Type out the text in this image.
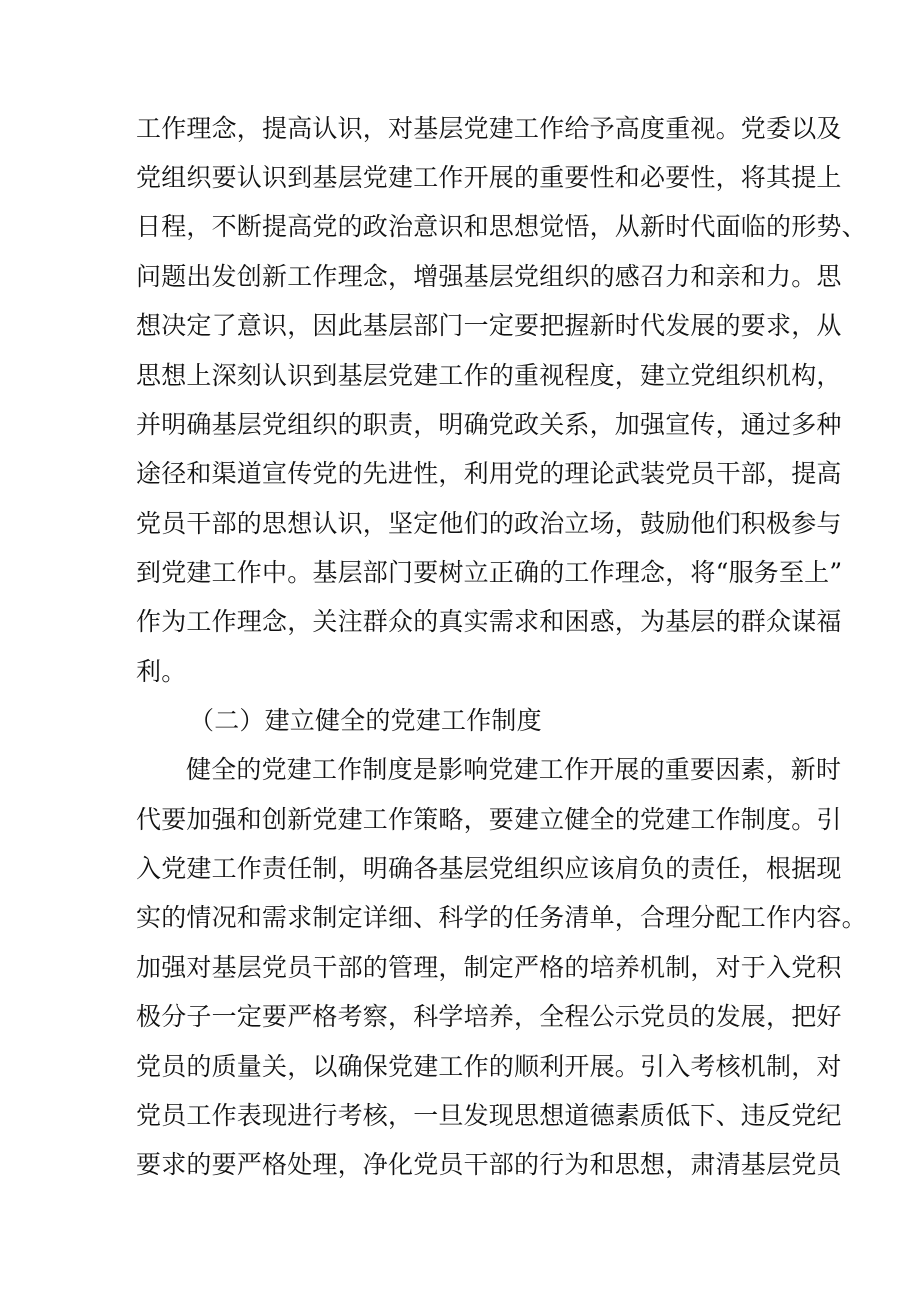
工作理念，提高认识，对基层党建工作给予高度重视。党委以及
党组织要认识到基层党建工作开展的重要性和必要性，将其提上
日程，不断提高党的政治意识和思想觉悟，从新时代面临的形势、
问题出发创新工作理念，增强基层党组织的感召力和亲和力。思
想决定了意识，因此基层部门一定要把握新时代发展的要求，从
思想上深刻认识到基层党建工作的重视程度，建立党组织机构，
并明确基层党组织的职责，明确党政关系，加强宣传，通过多种
途径和渠道宣传党的先进性，利用党的理论武装党员干部，提高
党员干部的思想认识，坚定他们的政治立场，鼓励他们积极参与
到党建工作中。基层部门要树立正确的工作理念，将“服务至上”
作为工作理念，关注群众的真实需求和困惑，为基层的群众谋福
利。
（二）建立健全的党建工作制度
健全的党建工作制度是影响党建工作开展的重要因素，新时
代要加强和创新党建工作策略，要建立健全的党建工作制度。引
入党建工作责任制，明确各基层党组织应该肩负的责任，根据现
实的情况和需求制定详细、科学的任务清单，合理分配工作内容。
加强对基层党员干部的管理，制定严格的培养机制，对于入党积
极分子一定要严格考察，科学培养，全程公示党员的发展，把好
党员的质量关，以确保党建工作的顺利开展。引入考核机制，对
党员工作表现进行考核，一旦发现思想道德素质低下、违反党纪
要求的要严格处理，净化党员干部的行为和思想，肃清基层党员
